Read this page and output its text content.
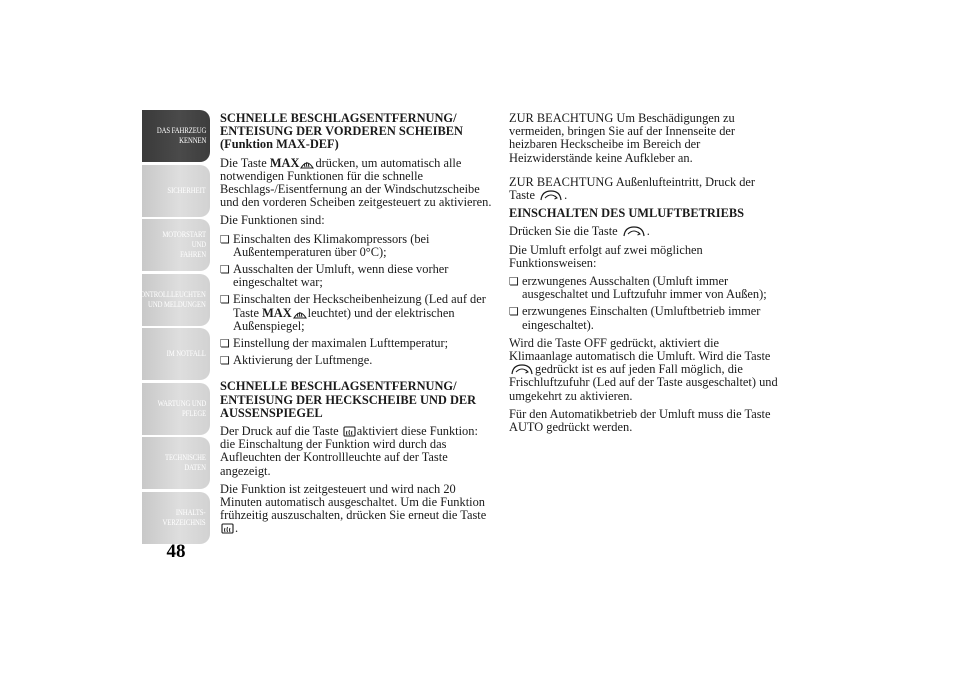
DAS FAHRZEUG
KENNEN
SICHERHEIT
MOTORSTART UND
FAHREN
KONTROLLLEUCHTEN
UND MELDUNGEN
IM NOTFALL
WARTUNG UND
PFLEGE
TECHNISCHE
DATEN
INHALTS-
VERZEICHNIS
48
SCHNELLE BESCHLAGSENTFERNUNG/ ENTEISUNG DER VORDEREN SCHEIBEN (Funktion MAX-DEF)

Die Taste MAX drücken, um automatisch alle notwendigen Funktionen für die schnelle Beschlags-/Eisentfernung an der Windschutzscheibe und den vorderen Scheiben zeitgesteuert zu aktivieren.

Die Funktionen sind:

❏ Einschalten des Klimakompressors (bei Außentemperaturen über 0°C);
❏ Ausschalten der Umluft, wenn diese vorher eingeschaltet war;
❏ Einschalten der Heckscheibenheizung (Led auf der Taste MAX leuchtet) und der elektrischen Außenspiegel;
❏ Einstellung der maximalen Lufttemperatur;
❏ Aktivierung der Luftmenge.
SCHNELLE BESCHLAGSENTFERNUNG/ ENTEISUNG DER HECKSCHEIBE UND DER AUSSENSPIEGEL

Der Druck auf die Taste aktiviert diese Funktion: die Einschaltung der Funktion wird durch das Aufleuchten der Kontrollleuchte auf der Taste angezeigt.

Die Funktion ist zeitgesteuert und wird nach 20 Minuten automatisch ausgeschaltet. Um die Funktion frühzeitig auszuschalten, drücken Sie erneut die Taste
.

ZUR BEACHTUNG Um Beschädigungen zu vermeiden, bringen Sie auf der Innenseite der heizbaren Heckscheibe im Bereich der Heizwiderstände keine Aufkleber an.

ZUR BEACHTUNG Außenlufteintritt, Druck der Taste .

EINSCHALTEN DES UMLUFTBETRIEBS

Drücken Sie die Taste .

Die Umluft erfolgt auf zwei möglichen Funktionsweisen:

❏ erzwungenes Ausschalten (Umluft immer ausgeschaltet und Luftzufuhr immer von Außen);
❏ erzwungenes Einschalten (Umluftbetrieb immer eingeschaltet).

Wird die Taste OFF gedrückt, aktiviert die Klimaanlage automatisch die Umluft. Wird die Taste
gedrückt ist es auf jeden Fall möglich, die Frischluftzufuhr (Led auf der Taste ausgeschaltet) und umgekehrt zu aktivieren.

Für den Automatikbetrieb der Umluft muss die Taste AUTO gedrückt werden.
